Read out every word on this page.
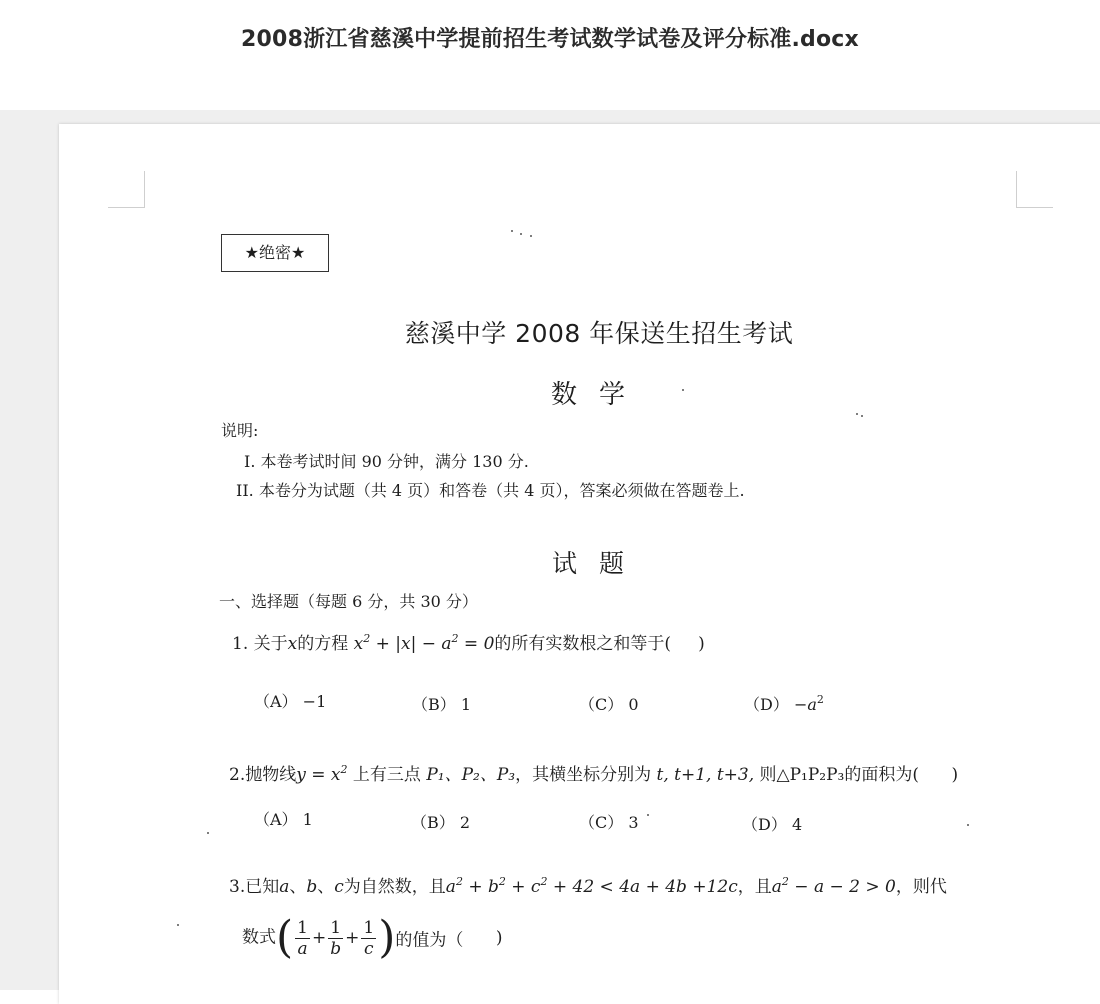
2008浙江省慈溪中学提前招生考试数学试卷及评分标准.docx
★绝密★
慈溪中学 2008 年保送生招生考试
数学
说明:
I. 本卷考试时间 90 分钟，满分 130 分.
II. 本卷分为试题（共 4 页）和答卷（共 4 页），答案必须做在答题卷上.
试题
一、选择题（每题 6 分，共 30 分）
1. 关于x的方程 $x^2 + |x| - a^2 = 0$的所有实数根之和等于( )
（A） −1	（B） 1	（C） 0	$(D) -a^2$
2.抛物线$y = x^2$ 上有三点 P₁、P₂、P₃，其横坐标分别为 t, t+1, t+3, 则△P₁P₂P₃的面积为( )
（A） 1	（B） 2	（C） 3	（D） 4
3.已知a、b、c为自然数，且$a^2 + b^2 + c^2 + 42 < 4a + 4b +12c$，且$a^2 - a - 2 > 0$，则代
数式( $\frac{1}{a} + \frac{1}{b} + \frac{1}{c}$ )的值为（ )
